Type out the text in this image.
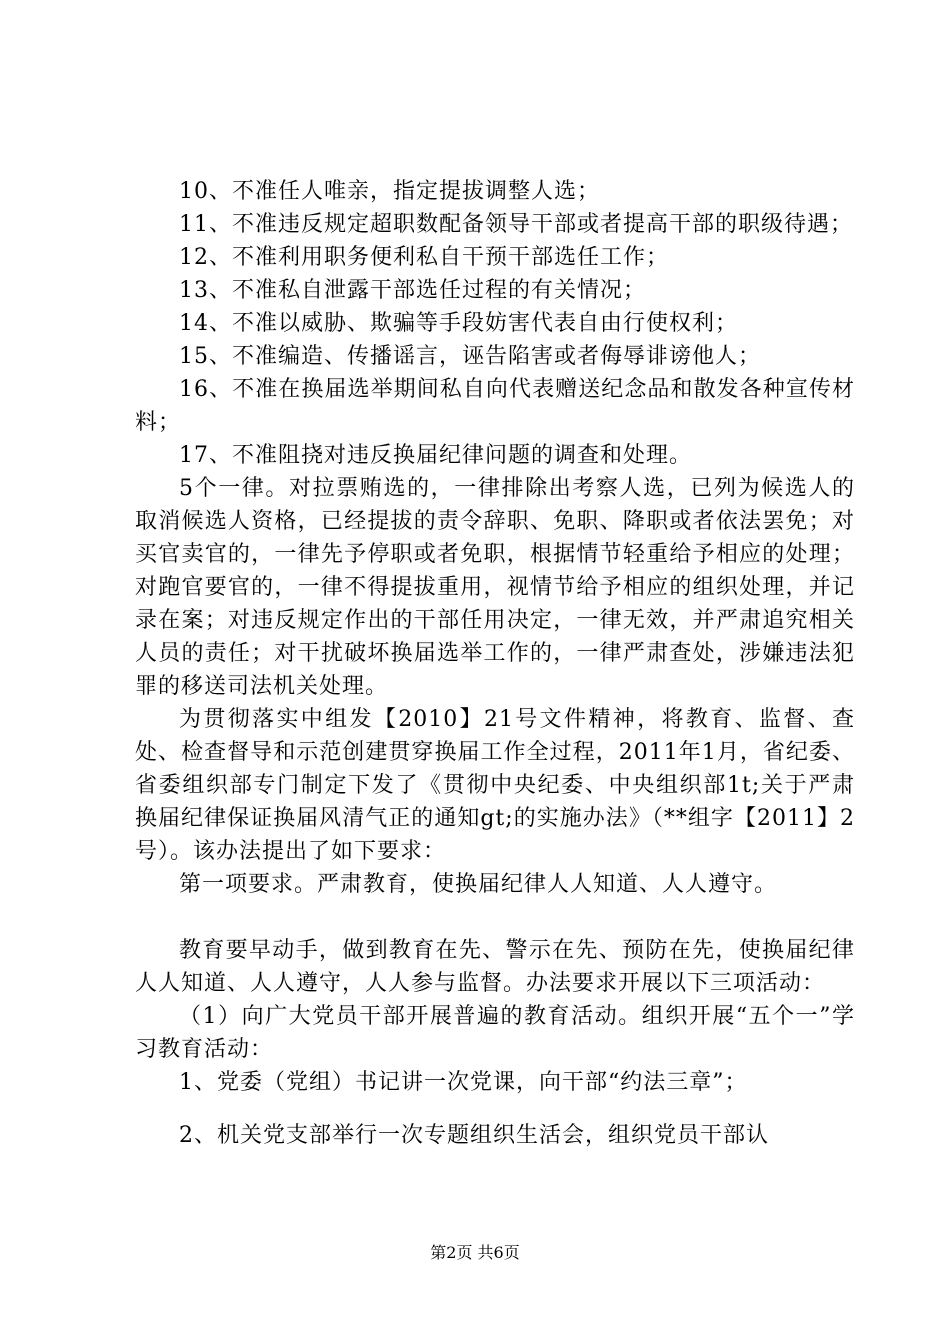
10、不准任人唯亲，指定提拔调整人选；

11、不准违反规定超职数配备领导干部或者提高干部的职级待遇；

12、不准利用职务便利私自干预干部选任工作；

13、不准私自泄露干部选任过程的有关情况；

14、不准以威胁、欺骗等手段妨害代表自由行使权利；

15、不准编造、传播谣言，诬告陷害或者侮辱诽谤他人；

16、不准在换届选举期间私自向代表赠送纪念品和散发各种宣传材料；

17、不准阻挠对违反换届纪律问题的调查和处理。

5个一律。对拉票贿选的，一律排除出考察人选，已列为候选人的取消候选人资格，已经提拔的责令辞职、免职、降职或者依法罢免；对买官卖官的，一律先予停职或者免职，根据情节轻重给予相应的处理；对跑官要官的，一律不得提拔重用，视情节给予相应的组织处理，并记录在案；对违反规定作出的干部任用决定，一律无效，并严肃追究相关人员的责任；对干扰破坏换届选举工作的，一律严肃查处，涉嫌违法犯罪的移送司法机关处理。

为贯彻落实中组发【2010】21号文件精神，将教育、监督、查处、检查督导和示范创建贯穿换届工作全过程，2011年1月，省纪委、省委组织部专门制定下发了《贯彻中央纪委、中央组织部1t;关于严肃换届纪律保证换届风清气正的通知gt;的实施办法》（**组字【2011】2号）。该办法提出了如下要求：

第一项要求。严肃教育，使换届纪律人人知道、人人遵守。

教育要早动手，做到教育在先、警示在先、预防在先，使换届纪律人人知道、人人遵守，人人参与监督。办法要求开展以下三项活动：

（1）向广大党员干部开展普遍的教育活动。组织开展“五个一”学习教育活动：

1、党委（党组）书记讲一次党课，向干部“约法三章”；

2、机关党支部举行一次专题组织生活会，组织党员干部认

第2页 共6页
